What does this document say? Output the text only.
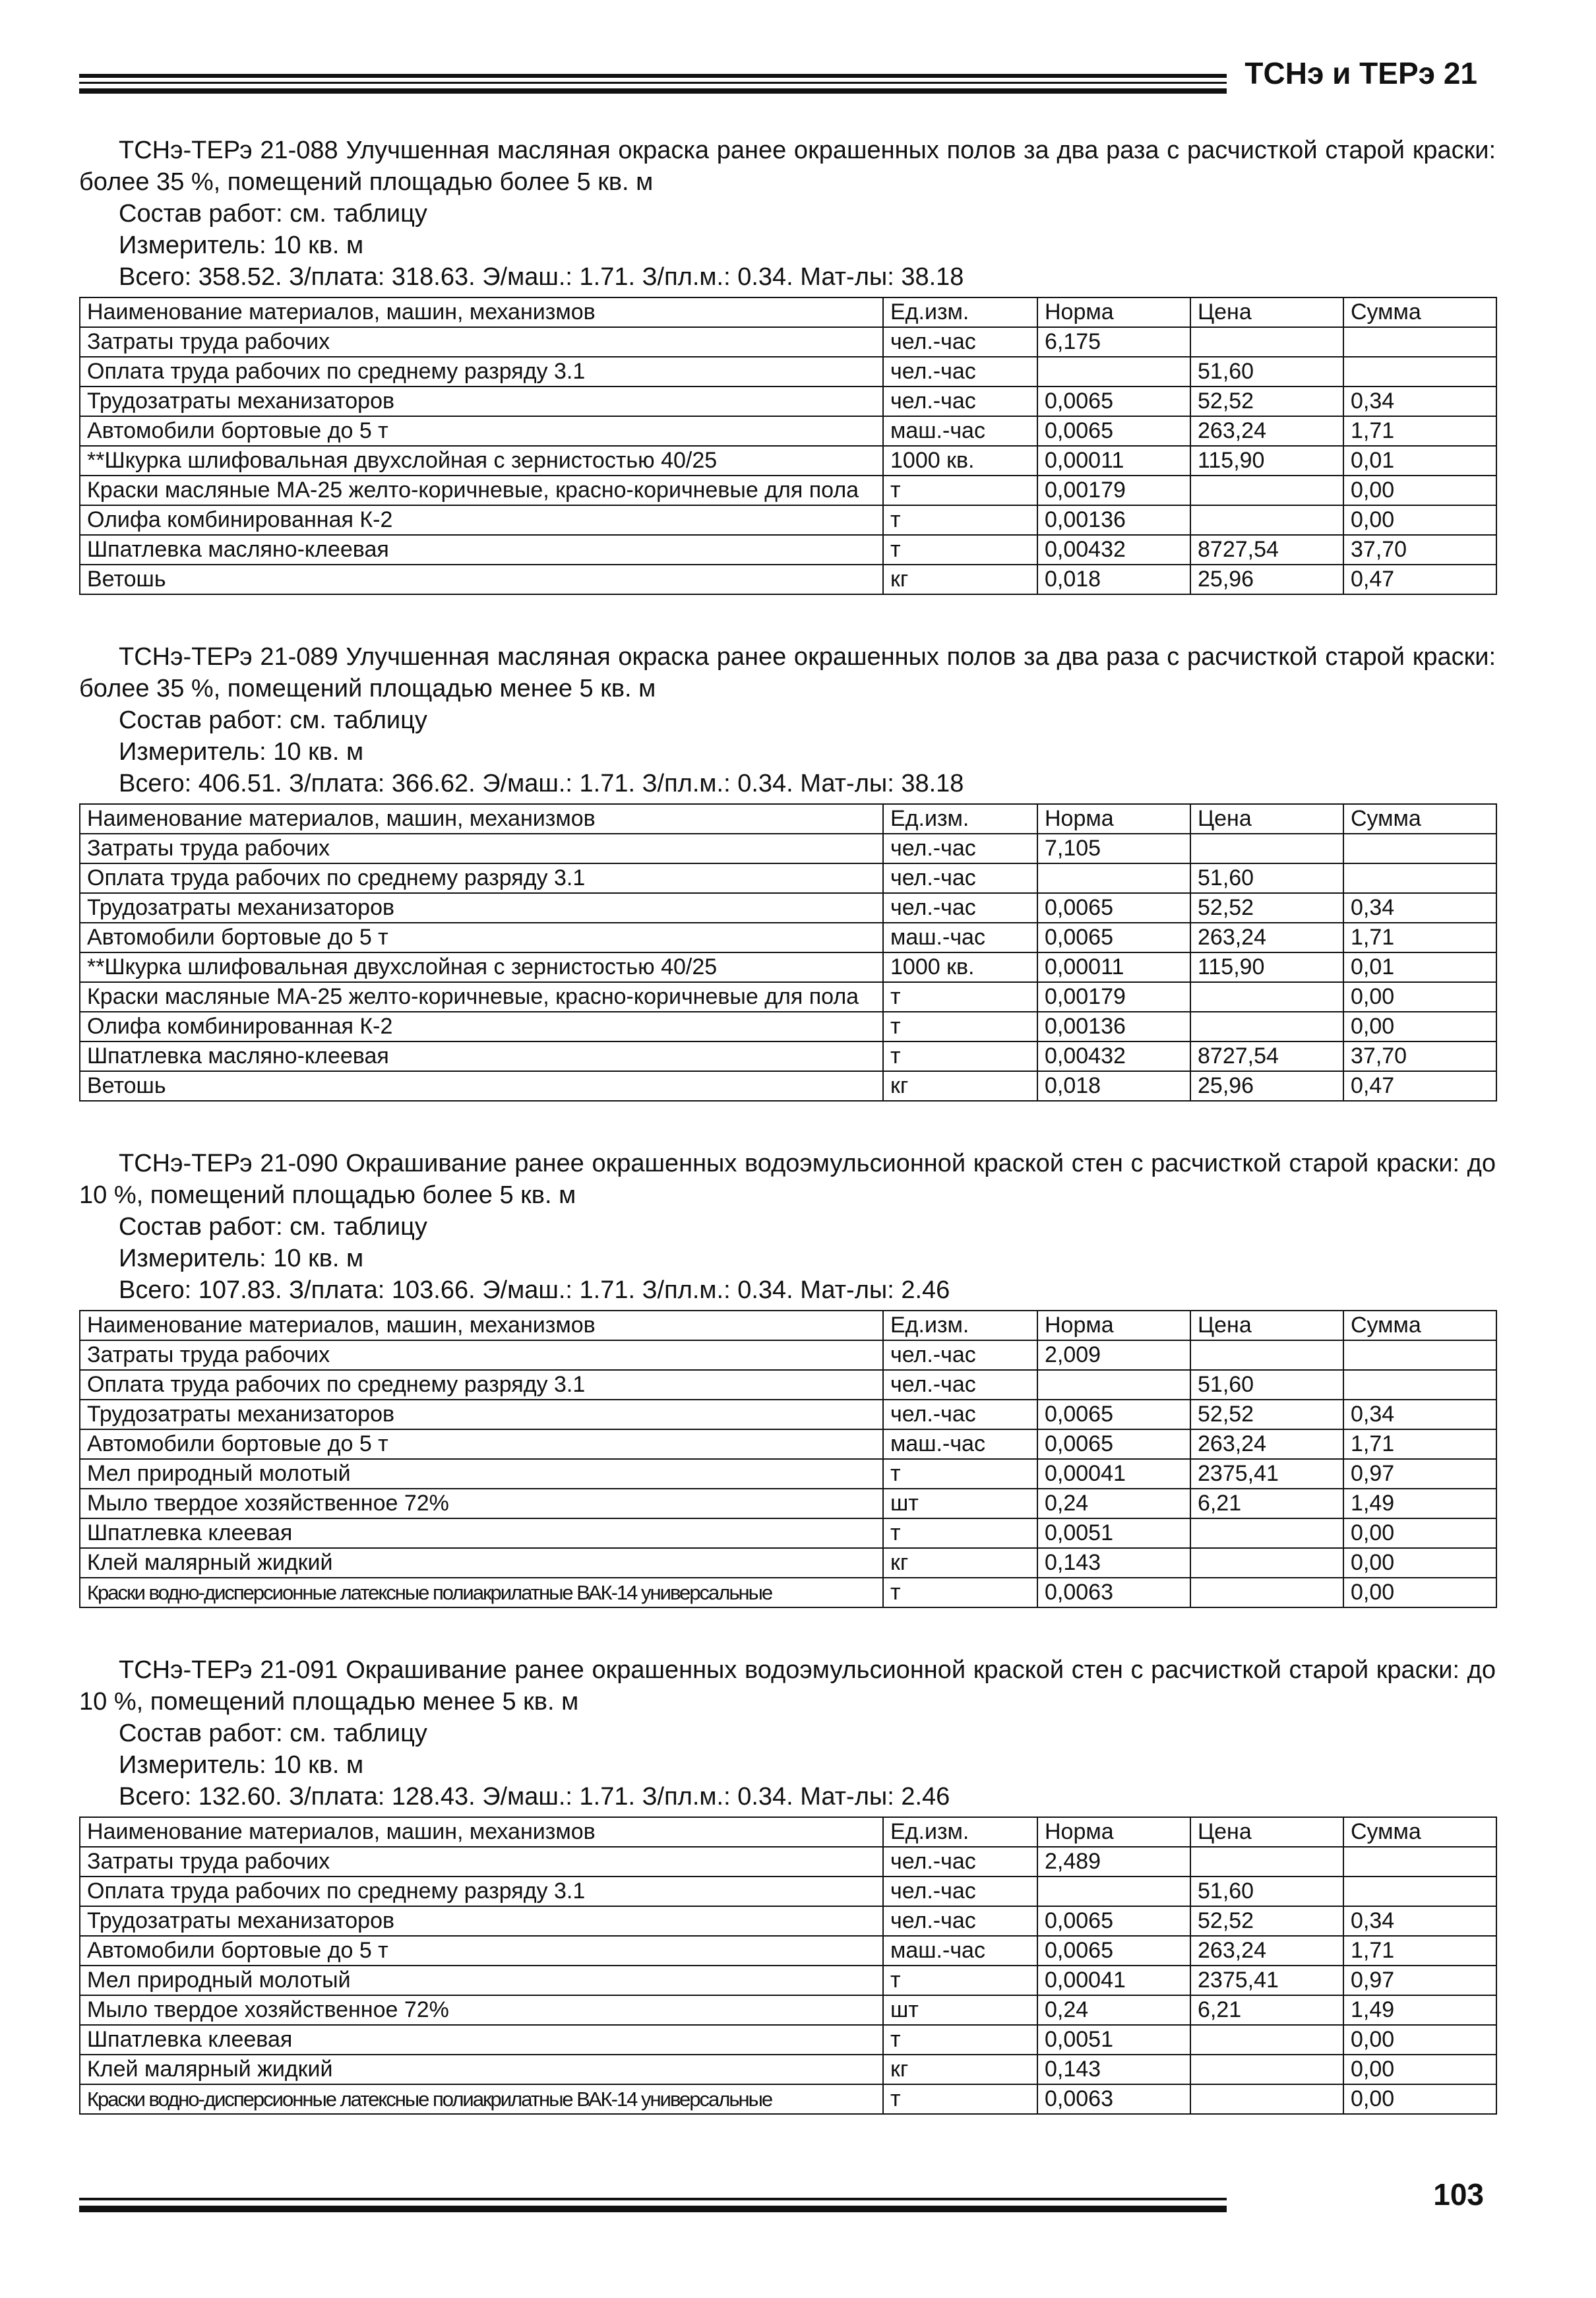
ТСНэ и ТЕРэ 21

ТСНэ-ТЕРэ 21-088 Улучшенная масляная окраска ранее окрашенных полов за два раза с расчисткой старой краски: более 35 %, помещений площадью более 5 кв. м

Состав работ: см. таблицу

Измеритель: 10 кв. м

Всего: 358.52. З/плата: 318.63. Э/маш.: 1.71. З/пл.м.: 0.34. Мат-лы: 38.18

Наименование материалов, машин, механизмов	Ед.изм.	Норма	Цена	Сумма
Затраты труда рабочих	чел.-час	6,175		
Оплата труда рабочих по среднему разряду 3.1	чел.-час		51,60	
Трудозатраты механизаторов	чел.-час	0,0065	52,52	0,34
Автомобили бортовые до 5 т	маш.-час	0,0065	263,24	1,71
**Шкурка шлифовальная двухслойная с зернистостью 40/25	1000 кв.	0,00011	115,90	0,01
Краски масляные МА-25 желто-коричневые, красно-коричневые для пола	т	0,00179		0,00
Олифа комбинированная К-2	т	0,00136		0,00
Шпатлевка масляно-клеевая	т	0,00432	8727,54	37,70
Ветошь	кг	0,018	25,96	0,47

ТСНэ-ТЕРэ 21-089 Улучшенная масляная окраска ранее окрашенных полов за два раза с расчисткой старой краски: более 35 %, помещений площадью менее 5 кв. м

Состав работ: см. таблицу

Измеритель: 10 кв. м

Всего: 406.51. З/плата: 366.62. Э/маш.: 1.71. З/пл.м.: 0.34. Мат-лы: 38.18

Наименование материалов, машин, механизмов	Ед.изм.	Норма	Цена	Сумма
Затраты труда рабочих	чел.-час	7,105		
Оплата труда рабочих по среднему разряду 3.1	чел.-час		51,60	
Трудозатраты механизаторов	чел.-час	0,0065	52,52	0,34
Автомобили бортовые до 5 т	маш.-час	0,0065	263,24	1,71
**Шкурка шлифовальная двухслойная с зернистостью 40/25	1000 кв.	0,00011	115,90	0,01
Краски масляные МА-25 желто-коричневые, красно-коричневые для пола	т	0,00179		0,00
Олифа комбинированная К-2	т	0,00136		0,00
Шпатлевка масляно-клеевая	т	0,00432	8727,54	37,70
Ветошь	кг	0,018	25,96	0,47

ТСНэ-ТЕРэ 21-090 Окрашивание ранее окрашенных водоэмульсионной краской стен с расчисткой старой краски: до 10 %, помещений площадью более 5 кв. м

Состав работ: см. таблицу

Измеритель: 10 кв. м

Всего: 107.83. З/плата: 103.66. Э/маш.: 1.71. З/пл.м.: 0.34. Мат-лы: 2.46

Наименование материалов, машин, механизмов	Ед.изм.	Норма	Цена	Сумма
Затраты труда рабочих	чел.-час	2,009		
Оплата труда рабочих по среднему разряду 3.1	чел.-час		51,60	
Трудозатраты механизаторов	чел.-час	0,0065	52,52	0,34
Автомобили бортовые до 5 т	маш.-час	0,0065	263,24	1,71
Мел природный молотый	т	0,00041	2375,41	0,97
Мыло твердое хозяйственное 72%	шт	0,24	6,21	1,49
Шпатлевка клеевая	т	0,0051		0,00
Клей малярный жидкий	кг	0,143		0,00
Краски водно-дисперсионные латексные полиакрилатные ВАК-14 универсальные	т	0,0063		0,00

ТСНэ-ТЕРэ 21-091 Окрашивание ранее окрашенных водоэмульсионной краской стен с расчисткой старой краски: до 10 %, помещений площадью менее 5 кв. м

Состав работ: см. таблицу

Измеритель: 10 кв. м

Всего: 132.60. З/плата: 128.43. Э/маш.: 1.71. З/пл.м.: 0.34. Мат-лы: 2.46

Наименование материалов, машин, механизмов	Ед.изм.	Норма	Цена	Сумма
Затраты труда рабочих	чел.-час	2,489		
Оплата труда рабочих по среднему разряду 3.1	чел.-час		51,60	
Трудозатраты механизаторов	чел.-час	0,0065	52,52	0,34
Автомобили бортовые до 5 т	маш.-час	0,0065	263,24	1,71
Мел природный молотый	т	0,00041	2375,41	0,97
Мыло твердое хозяйственное 72%	шт	0,24	6,21	1,49
Шпатлевка клеевая	т	0,0051		0,00
Клей малярный жидкий	кг	0,143		0,00
Краски водно-дисперсионные латексные полиакрилатные ВАК-14 универсальные	т	0,0063		0,00
103
